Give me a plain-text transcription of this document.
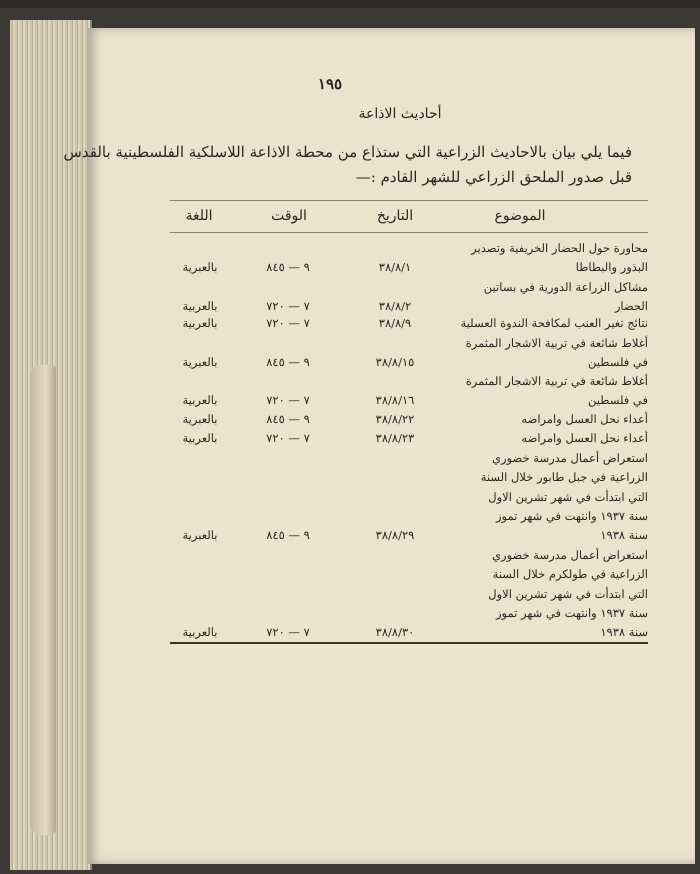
١٩٥
أحاديث الاذاعة
فيما يلي بيان بالاحاديث الزراعية التي ستذاع من محطة الاذاعة اللاسلكية الفلسطينية بالقدس
قبل صدور الملحق الزراعي للشهر القادم :—
الموضوع
التاريخ
الوقت
اللغة
محاورة حول الحضار الخريفية وتصدير
البذور والبطاطا
٣٨/٨/١
٩ — ٨٤٥
بالعبرية
مشاكل الزراعة الدورية في بساتين
الحضار
٣٨/٨/٢
٧ — ٧٢٠
بالعربية
نتائج تغير العنب لمكافحة الندوة العسلية
٣٨/٨/٩
٧ — ٧٢٠
بالعربية
أغلاط شائعة في تربية الاشجار المثمرة
في فلسطين
٣٨/٨/١٥
٩ — ٨٤٥
بالعبرية
أغلاط شائعة في تربية الاشجار المثمرة
في فلسطين
٣٨/٨/١٦
٧ — ٧٢٠
بالعربية
أعداء نحل العسل وامراضه
٣٨/٨/٢٢
٩ — ٨٤٥
بالعبرية
أعداء نحل العسل وامراضه
٣٨/٨/٢٣
٧ — ٧٢٠
بالعربية
استعراض أعمال مدرسة خضوري
الزراعية في جبل طابور خلال السنة
التي ابتدأت في شهر تشرين الاول
سنة ١٩٣٧ وانتهت في شهر تموز
سنة ١٩٣٨
٣٨/٨/٢٩
٩ — ٨٤٥
بالعبرية
استعراض أعمال مدرسة خضوري
الزراعية في طولكرم خلال السنة
التي ابتدأت في شهر تشرين الاول
سنة ١٩٣٧ وانتهت في شهر تموز
سنة ١٩٣٨
٣٨/٨/٣٠
٧ — ٧٢٠
بالعربية
